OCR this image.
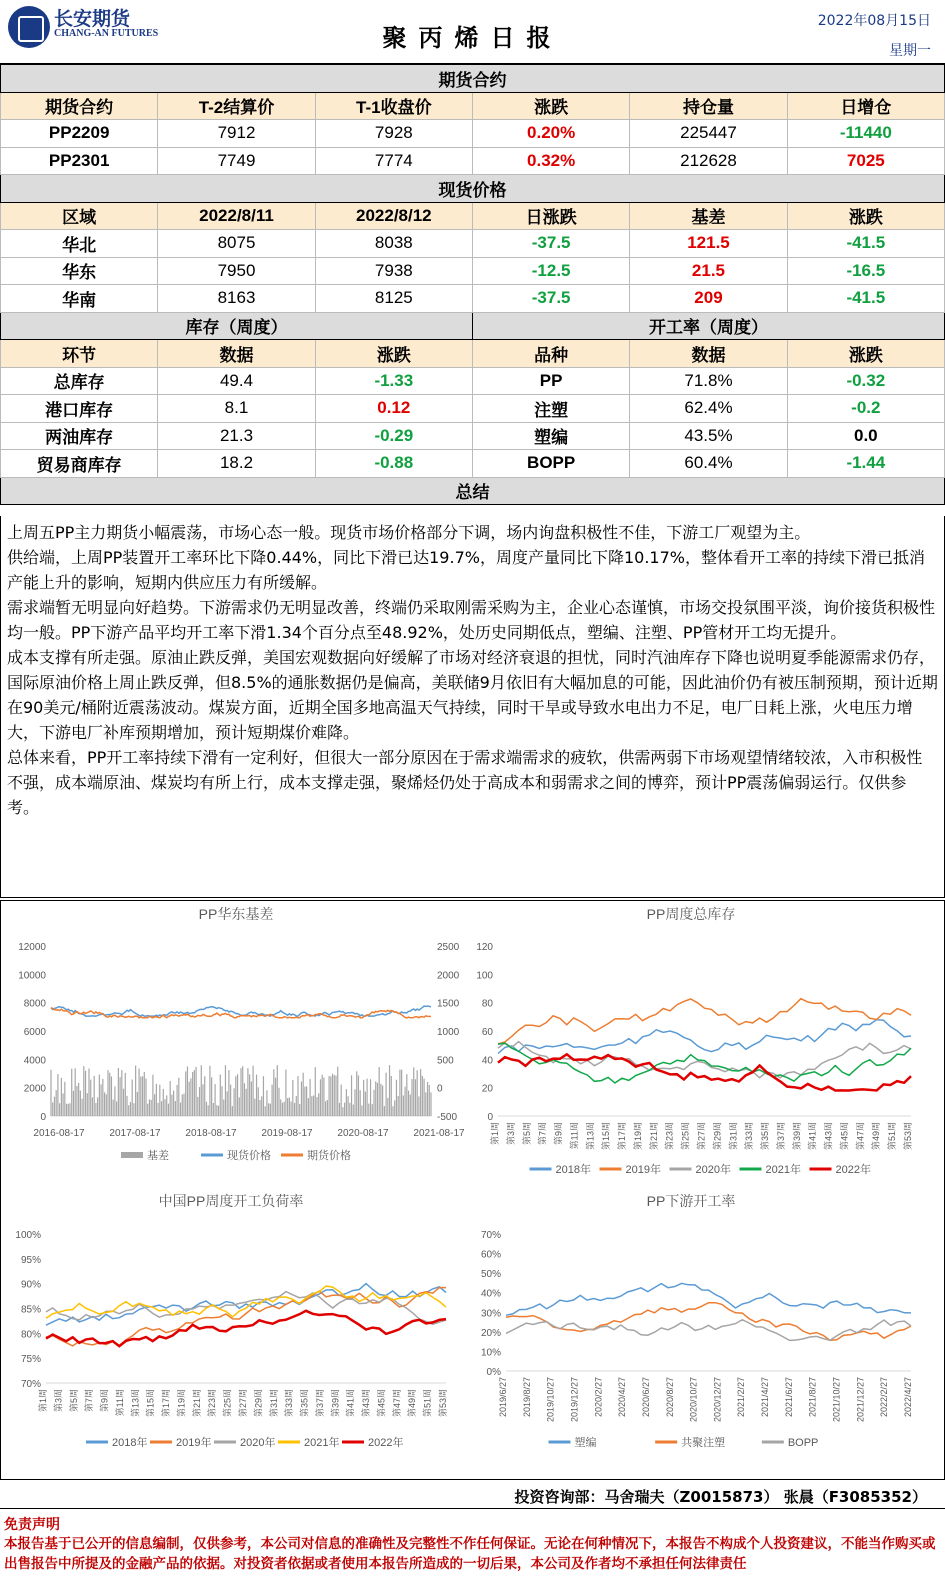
长安期货
CHANG-AN FUTURES	聚丙烯日报
2022年08月15日
星期一
期货合约					
期货合约	T-2结算价	T-1收盘价	涨跌	持仓量	日增仓
PP2209	7912	7928	0.20%	225447	-11440
PP2301	7749	7774	0.32%	212628	7025
现货价格					
区域	2022/8/11	2022/8/12	日涨跌	基差	涨跌
华北	8075	8038	-37.5	121.5	-41.5
华东	7950	7938	-12.5	21.5	-16.5
华南	8163	8125	-37.5	209	-41.5
库存（周度）			开工率（周度）		
环节	数据	涨跌	品种	数据	涨跌
总库存	49.4	-1.33	PP	71.8%	-0.32
港口库存	8.1	0.12	注塑	62.4%	-0.2
两油库存	21.3	-0.29	塑编	43.5%	0.0
贸易商库存	18.2	-0.88	BOPP	60.4%	-1.44
总结					

上周五PP主力期货小幅震荡，市场心态一般。现货市场价格部分下调，场内询盘积极性不佳，下游工厂观望为主。

供给端，上周PP装置开工率环比下降0.44%，同比下滑已达19.7%，周度产量同比下降10.17%，整体看开工率的持续下滑已抵消产能上升的影响，短期内供应压力有所缓解。

需求端暂无明显向好趋势。下游需求仍无明显改善，终端仍采取刚需采购为主，企业心态谨慎，市场交投氛围平淡，询价接货积极性均一般。PP下游产品平均开工率下滑1.34个百分点至48.92%，处历史同期低点，塑编、注塑、PP管材开工均无提升。

成本支撑有所走强。原油止跌反弹，美国宏观数据向好缓解了市场对经济衰退的担忧，同时汽油库存下降也说明夏季能源需求仍存，国际原油价格上周止跌反弹，但8.5%的通胀数据仍是偏高，美联储9月依旧有大幅加息的可能，因此油价仍有被压制预期，预计近期在90美元/桶附近震荡波动。煤炭方面，近期全国多地高温天气持续，同时干旱或导致水电出力不足，电厂日耗上涨，火电压力增大，下游电厂补库预期增加，预计短期煤价难降。

总体来看，PP开工率持续下滑有一定利好，但很大一部分原因在于需求端需求的疲软，供需两弱下市场观望情绪较浓，入市积极性不强，成本端原油、煤炭均有所上行，成本支撑走强，聚烯烃仍处于高成本和弱需求之间的博弈，预计PP震荡偏弱运行。仅供参考。

PP华东基差
12000
10000
8000
6000
4000
2000
0
2500
2000
1500
1000
500
0
-500
2016-08-17 2017-08-17 2018-08-17 2019-08-17 2020-08-17 2021-08-17
基差	现货价格	期货价格
PP周度总库存
120
100
80
60
40
20
0
第1周 第3周 第5周 第7周 第9周 第11周 第13周 第15周 第17周 第19周 第21周 第23周 第25周 第27周 第29周 第31周 第33周 第35周 第37周 第39周 第41周 第43周 第45周 第47周 第49周 第51周 第53周
2018年	2019年	2020年	2021年	2022年
中国PP周度开工负荷率
100%
95%
90%
85%
80%
75%
70%
第1周 第3周 第5周 第7周 第9周 第11周 第13周 第15周 第17周 第19周 第21周 第23周 第25周 第27周 第29周 第31周 第33周 第35周 第37周 第39周 第41周 第43周 第45周 第47周 第49周 第51周 第53周
2018年	2019年	2020年	2021年	2022年
PP下游开工率
70%
60%
50%
40%
30%
20%
10%
0%
2019/6/27 2019/8/27 2019/10/27 2019/12/27 2020/2/27 2020/4/27 2020/6/27 2020/8/27 2020/10/27 2020/12/27 2021/2/27 2021/4/27 2021/6/27 2021/8/27 2021/10/27 2021/12/27 2022/2/27 2022/4/27
塑编	共聚注塑	BOPP
投资咨询部：马舍瑞夫（Z0015873） 张晨（F3085352）
免责声明
本报告基于已公开的信息编制，仅供参考，本公司对信息的准确性及完整性不作任何保证。无论在何种情况下，本报告不构成个人投资建议，不能当作购买或出售报告中所提及的金融产品的依据。对投资者依据或者使用本报告所造成的一切后果，本公司及作者均不承担任何法律责任
